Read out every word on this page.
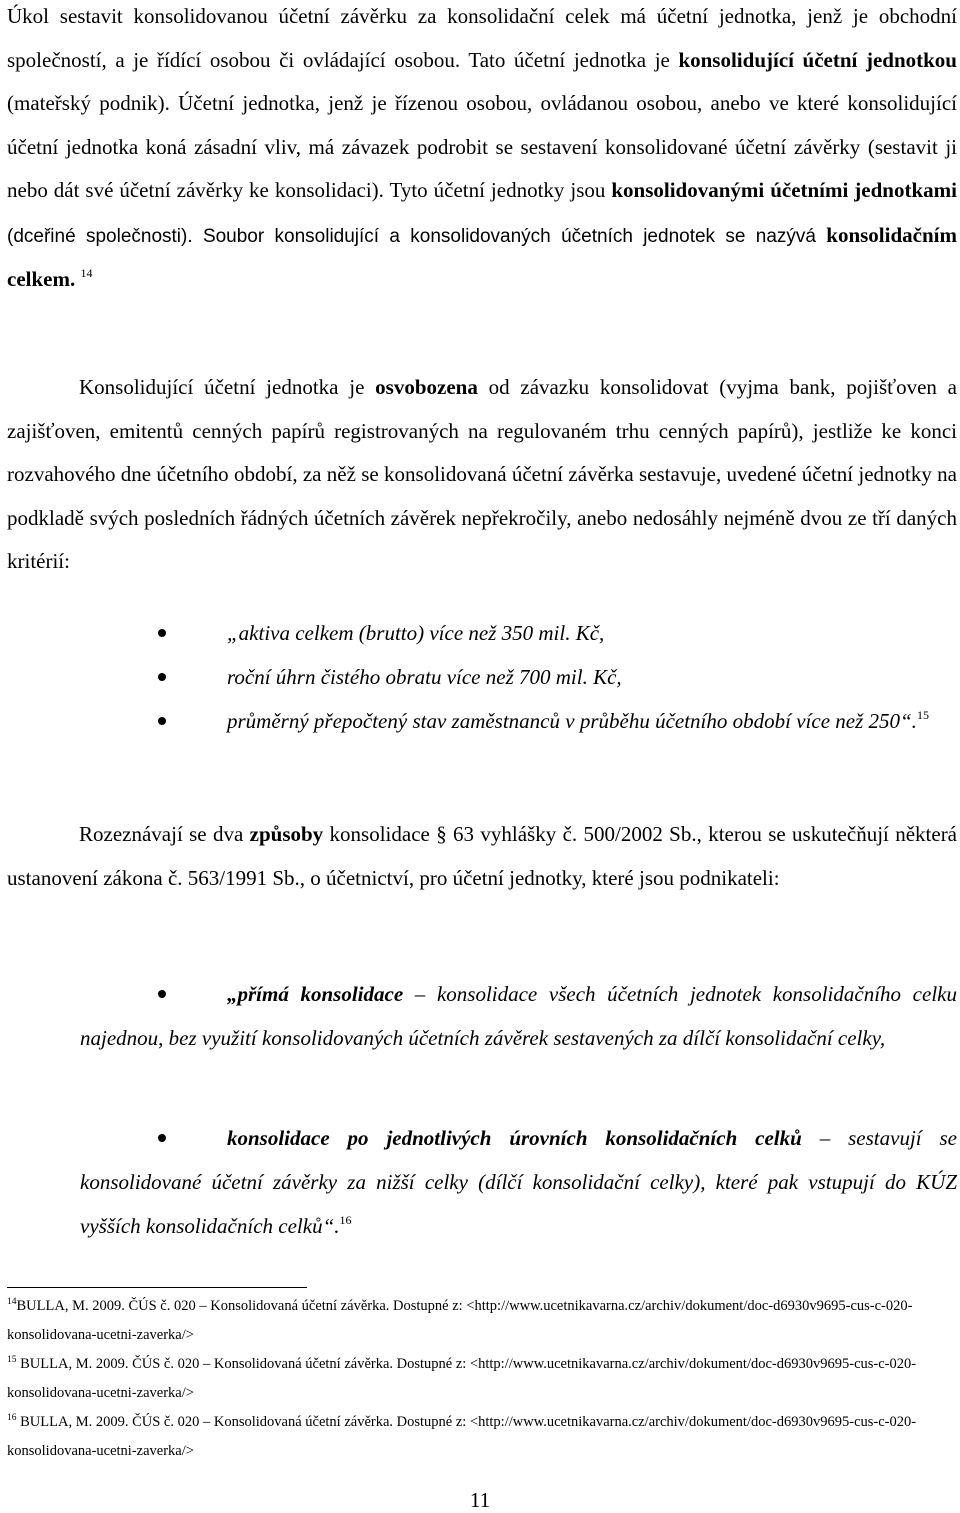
Úkol sestavit konsolidovanou účetní závěrku za konsolidační celek má účetní jednotka, jenž je obchodní společností, a je řídící osobou či ovládající osobou. Tato účetní jednotka je konsolidující účetní jednotkou (mateřský podnik). Účetní jednotka, jenž je řízenou osobou, ovládanou osobou, anebo ve které konsolidující účetní jednotka koná zásadní vliv, má závazek podrobit se sestavení konsolidované účetní závěrky (sestavit ji nebo dát své účetní závěrky ke konsolidaci). Tyto účetní jednotky jsou konsolidovanými účetními jednotkami (dceřiné společnosti). Soubor konsolidující a konsolidovaných účetních jednotek se nazývá konsolidačním celkem. $^{14}$

Konsolidující účetní jednotka je osvobozena od závazku konsolidovat (vyjma bank, pojišťoven a zajišťoven, emitentů cenných papírů registrovaných na regulovaném trhu cenných papírů), jestliže ke konci rozvahového dne účetního období, za něž se konsolidovaná účetní závěrka sestavuje, uvedené účetní jednotky na podkladě svých posledních řádných účetních závěrek nepřekročily, anebo nedosáhly nejméně dvou ze tří daných kritérií:

„aktiva celkem (brutto) více než 350 mil. Kč,
roční úhrn čistého obratu více než 700 mil. Kč,
průměrný přepočtený stav zaměstnanců v průběhu účetního období více než 250“.$^{15}$

Rozeznávají se dva způsoby konsolidace § 63 vyhlášky č. 500/2002 Sb., kterou se uskutečňují některá ustanovení zákona č. 563/1991 Sb., o účetnictví, pro účetní jednotky, které jsou podnikateli:

„přímá konsolidace – konsolidace všech účetních jednotek konsolidačního celku najednou, bez využití konsolidovaných účetních závěrek sestavených za dílčí konsolidační celky,
konsolidace po jednotlivých úrovních konsolidačních celků – sestavují se konsolidované účetní závěrky za nižší celky (dílčí konsolidační celky), které pak vstupují do KÚZ vyšších konsolidačních celků“.$^{16}$

$^{14}$BULLA, M. 2009. ČÚS č. 020 – Konsolidovaná účetní závěrka. Dostupné z: <http://www.ucetnikavarna.cz/archiv/dokument/doc-d6930v9695-cus-c-020-konsolidovana-ucetni-zaverka/>

$^{15}$ BULLA, M. 2009. ČÚS č. 020 – Konsolidovaná účetní závěrka. Dostupné z: <http://www.ucetnikavarna.cz/archiv/dokument/doc-d6930v9695-cus-c-020-konsolidovana-ucetni-zaverka/>

$^{16}$ BULLA, M. 2009. ČÚS č. 020 – Konsolidovaná účetní závěrka. Dostupné z: <http://www.ucetnikavarna.cz/archiv/dokument/doc-d6930v9695-cus-c-020-konsolidovana-ucetni-zaverka/>

11
